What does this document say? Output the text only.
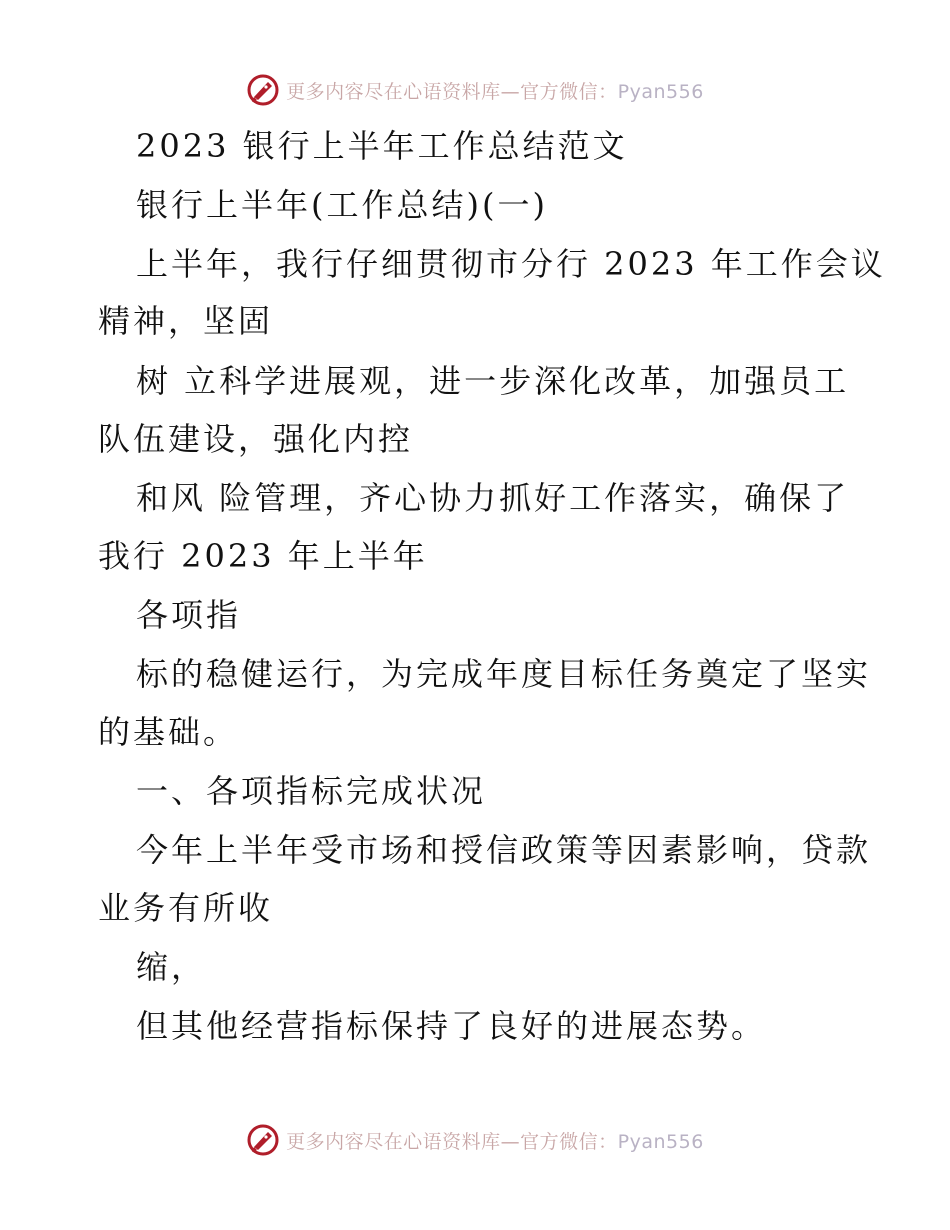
更多内容尽在心语资料库—官方微信：Pyan556
2023 银行上半年工作总结范文
银行上半年(工作总结)(一)
上半年，我行仔细贯彻市分行 2023 年工作会议
精神，坚固
树 立科学进展观，进一步深化改革，加强员工
队伍建设，强化内控
和风 险管理，齐心协力抓好工作落实，确保了
我行 2023 年上半年
各项指
标的稳健运行，为完成年度目标任务奠定了坚实
的基础。
一、各项指标完成状况
今年上半年受市场和授信政策等因素影响，贷款
业务有所收
缩，
但其他经营指标保持了良好的进展态势。
更多内容尽在心语资料库—官方微信：Pyan556
